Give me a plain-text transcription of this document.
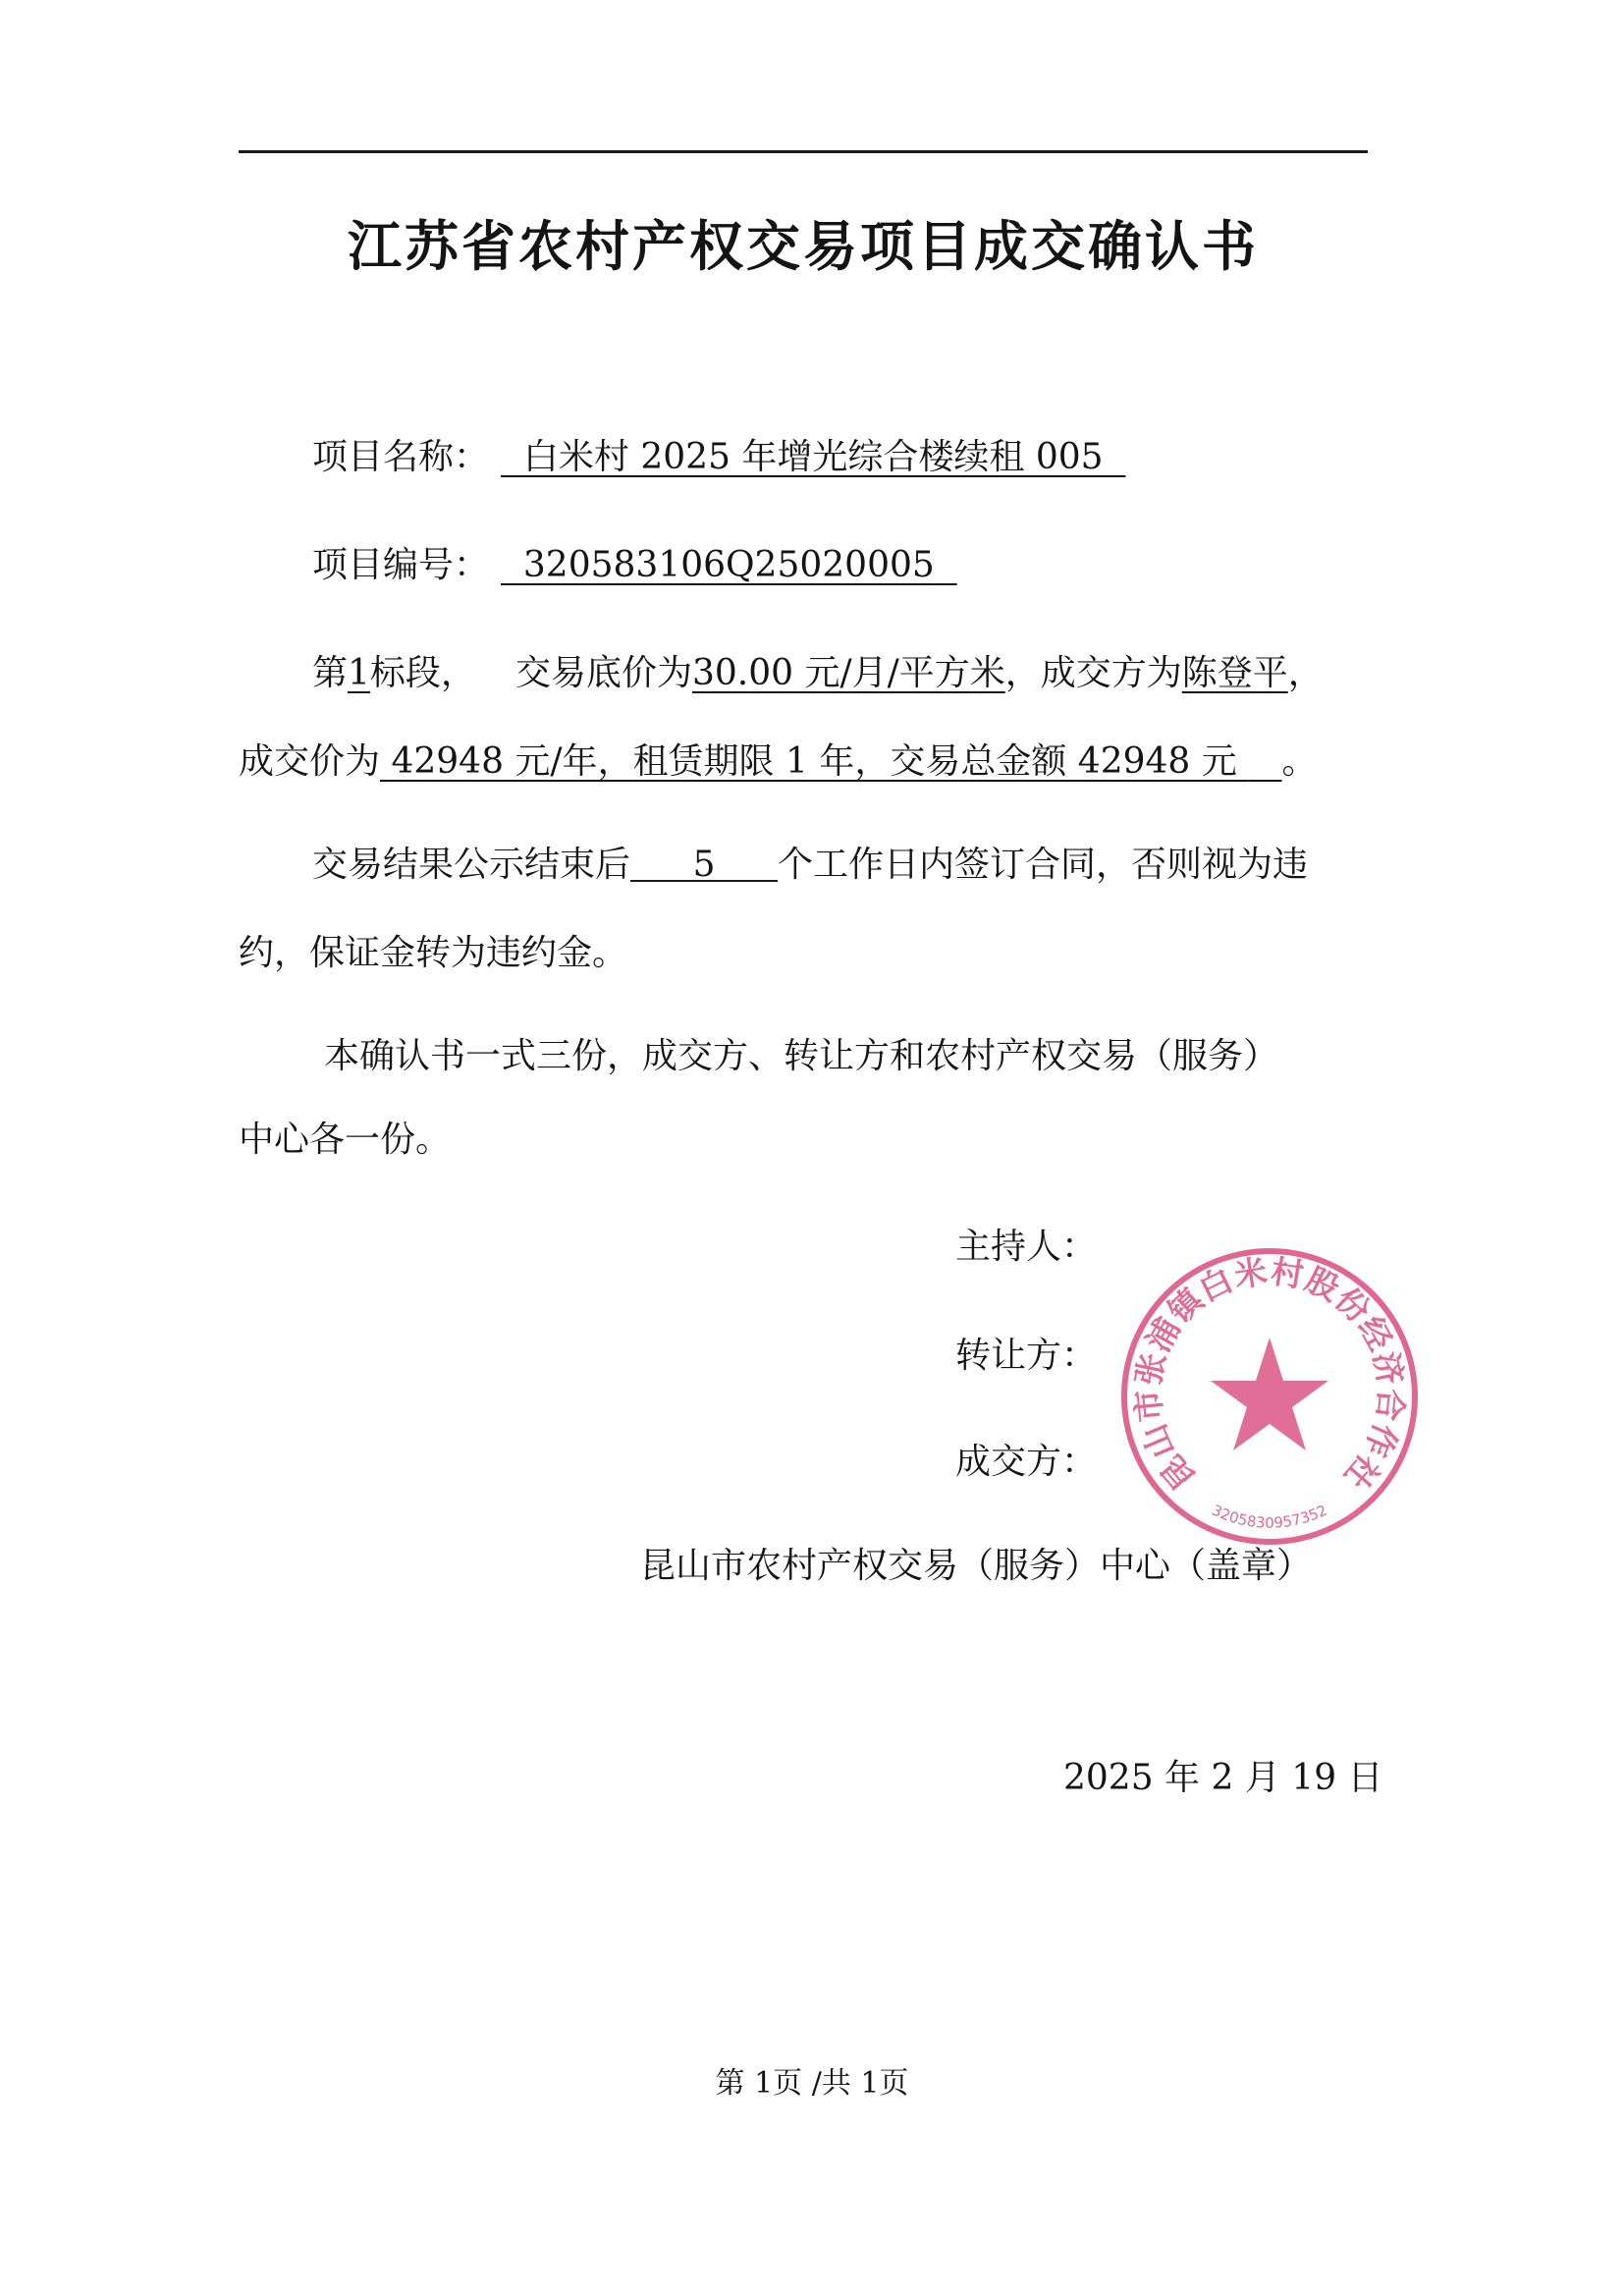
江苏省农村产权交易项目成交确认书
项目名称： 白米村 2025 年增光综合楼续租 005
项目编号： 320583106Q25020005
第1标段， 交易底价为30.00 元/月/平方米，成交方为陈登平，
成交价为 42948 元/年，租赁期限 1 年，交易总金额 42948 元    。
交易结果公示结束后 5 个工作日内签订合同，否则视为违
约，保证金转为违约金。
本确认书一式三份，成交方、转让方和农村产权交易（服务）
中心各一份。
主持人：
转让方：
成交方：
昆山市农村产权交易（服务）中心（盖章）
2025 年 2 月 19 日
昆山市张浦镇白米村股份经济合作社
3205830957352
第 1页 /共 1页
